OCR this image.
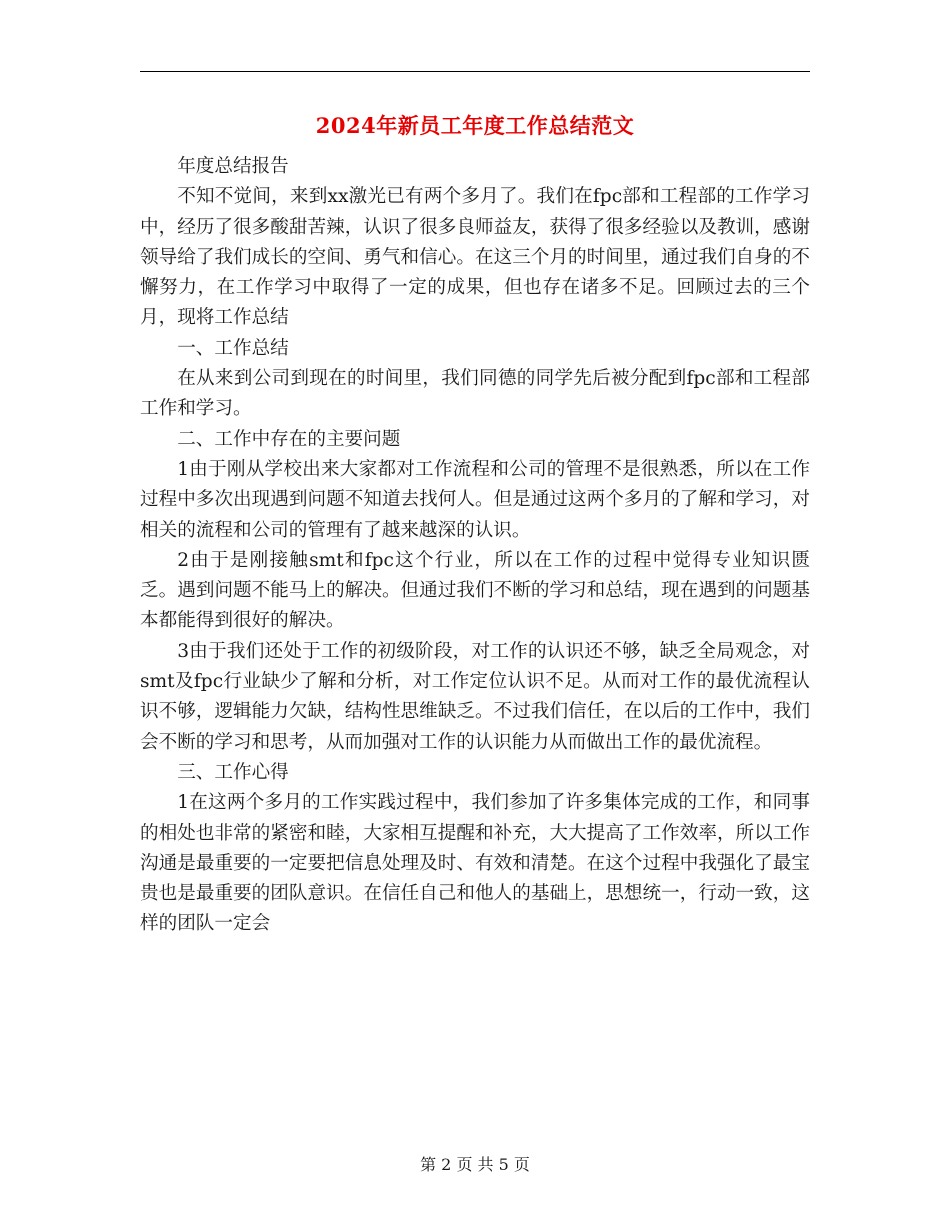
2024年新员工年度工作总结范文

年度总结报告

不知不觉间，来到xx激光已有两个多月了。我们在fpc部和工程部的工作学习中，经历了很多酸甜苦辣，认识了很多良师益友，获得了很多经验以及教训，感谢领导给了我们成长的空间、勇气和信心。在这三个月的时间里，通过我们自身的不懈努力，在工作学习中取得了一定的成果，但也存在诸多不足。回顾过去的三个月，现将工作总结

一、工作总结

在从来到公司到现在的时间里，我们同德的同学先后被分配到fpc部和工程部工作和学习。

二、工作中存在的主要问题

1由于刚从学校出来大家都对工作流程和公司的管理不是很熟悉，所以在工作过程中多次出现遇到问题不知道去找何人。但是通过这两个多月的了解和学习，对相关的流程和公司的管理有了越来越深的认识。

2由于是刚接触smt和fpc这个行业，所以在工作的过程中觉得专业知识匮乏。遇到问题不能马上的解决。但通过我们不断的学习和总结，现在遇到的问题基本都能得到很好的解决。

3由于我们还处于工作的初级阶段，对工作的认识还不够，缺乏全局观念，对smt及fpc行业缺少了解和分析，对工作定位认识不足。从而对工作的最优流程认识不够，逻辑能力欠缺，结构性思维缺乏。不过我们信任，在以后的工作中，我们会不断的学习和思考，从而加强对工作的认识能力从而做出工作的最优流程。

三、工作心得

1在这两个多月的工作实践过程中，我们参加了许多集体完成的工作，和同事的相处也非常的紧密和睦，大家相互提醒和补充，大大提高了工作效率，所以工作沟通是最重要的一定要把信息处理及时、有效和清楚。在这个过程中我强化了最宝贵也是最重要的团队意识。在信任自己和他人的基础上，思想统一，行动一致，这样的团队一定会

第 2 页 共 5 页
